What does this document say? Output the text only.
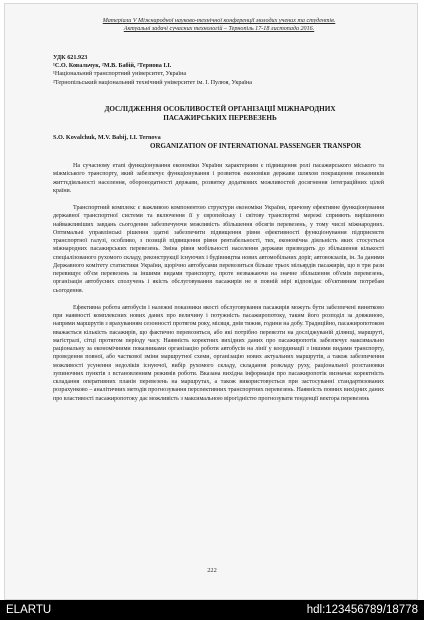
Матеріали V Міжнародної науково-технічної конференції молодих учених та студентів.
Актуальні задачі сучасних технологій – Тернопіль 17-18 листопада 2016.
УДК 621.923
¹С.О. Ковальчук, ²М.В. Бабій, ²Тернова І.І.
¹Національний транспортний університет, Україна
²Тернопільський національний технічний університет ім. І. Пулюя, Україна
ДОСЛІДЖЕННЯ ОСОБЛИВОСТЕЙ ОРГАНІЗАЦІЇ МІЖНАРОДНИХ
ПАСАЖИРСЬКИХ ПЕРЕВЕЗЕНЬ
S.O. Kovalchuk, M.V. Babij, I.I. Ternova
ORGANIZATION OF INTERNATIONAL PASSENGER TRANSPOR

На сучасному етапі функціонування економіки України характерним є підвищення ролі пасажирського міського та міжміського транспорту, який забезпечує функціонування і розвиток економіки держави шляхом покращення показників життєдіяльності населення, оборонодатності держави, розвитку додаткових можливостей досягнення інтеграційних цілей країни.

Транспортний комплекс є важливою компонентою структури економіки України, причому ефективне функціонування державної транспортної системи та включення її у європейську і світову транспортні мережі сприяють вирішенню найважливіших завдань сьогодення забезпечуючи можливість збільшення обсягів перевезень, у тому числі міжнародних. Оптимальні управлінські рішення здатні забезпечити підвищення рівня ефективності функціонування підприємств транспортної галузі, особливо, з позицій підвищення рівня рентабельності, тих, економічна діяльність яких стосується міжнародних пасажирських перевезень. Зміна рівня мобільності населення держави призводить до збільшення кількості спеціалізованого рухомого складу, реконструкції існуючих і будівництва нових автомобільних доріг, автовокзалів, ін. За даними Державного комітету статистики України, щорічно автобусами перевозиться більше трьох мільярдів пасажирів, що в три рази перевищує об'єм перевезень за іншими видами транспорту, проте незважаючи на значне збільшення об'ємів перевезень, організація автобусних сполучень і якість обслуговування пасажирів не в повній мірі відповідає об'єктивним потребам сьогодення.

Ефективна робота автобусів і належні показники якості обслуговування пасажирів можуть бути забезпечені винятково при наявності комплексних нових даних про величину і потужність пасажиропотоку, таким його розподіл за довжиною, напрями маршрутів з врахуванням сезонності протягом року, місяця, днів тижня, години на добу. Традиційно, пасажиропотоком вважається кількість пасажирів, що фактично перевозяться, або які потрібно перевезти на досліджуваній ділянці, маршруті, магістралі, сітці протягом періоду часу. Наявність коректних вихідних даних про пасажиропотік забезпечує максимально раціональну за економічними показниками організацію роботи автобусів на лінії у координації з іншими видами транспорту, проведення повної, або часткової зміни маршрутної схеми, організацію нових актуальних маршрутів, а також забезпечення можливості усунення недоліків існуючої, вибір рухомого складу, складання розкладу руху, раціональної розстановки зупиночних пунктів з встановленням режимів роботи. Вказана вихідна інформація про пасажиропотік визначає коректність складання оперативних планів перевезень на маршрутах, а також використовується при застосуванні стандартизованих розрахунково – аналітичних методів прогнозування перспективних транспортних перевезень. Наявність повних вихідних даних про властивості пасажиропотоку дає можливість з максимальною вірогідністю прогнозувати тенденції вектора перевезень

222
ELARTU	hdl:123456789/18778
